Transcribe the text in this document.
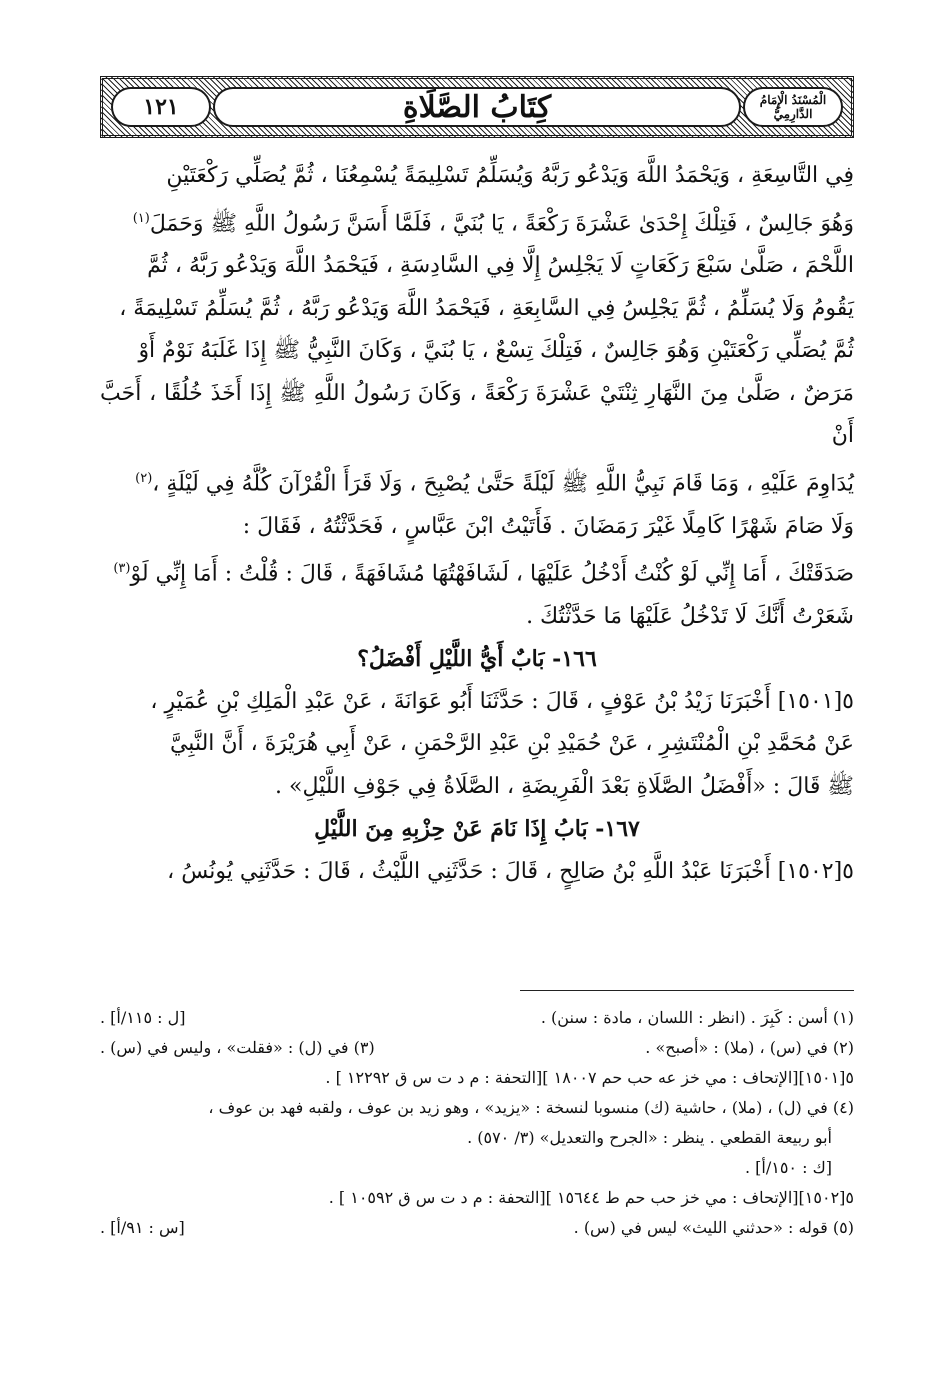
١٢١	كِتَابُ الصَّلَاةِ	الْمُسْنَدُ الْإِمَامُ الدَّارِمِيُّ

فِي التَّاسِعَةِ ، وَيَحْمَدُ اللَّهَ وَيَدْعُو رَبَّهُ وَيُسَلِّمُ تَسْلِيمَةً يُسْمِعُنَا ، ثُمَّ يُصَلِّي رَكْعَتَيْنِ

وَهُوَ جَالِسٌ ، فَتِلْكَ إِحْدَىٰ عَشْرَةَ رَكْعَةً ، يَا بُنَيَّ ، فَلَمَّا أَسَنَّ رَسُولُ اللَّهِ ﷺ وَحَمَلَ$^{(١)}$

اللَّحْمَ ، صَلَّىٰ سَبْعَ رَكَعَاتٍ لَا يَجْلِسُ إِلَّا فِي السَّادِسَةِ ، فَيَحْمَدُ اللَّهَ وَيَدْعُو رَبَّهُ ، ثُمَّ

يَقُومُ وَلَا يُسَلِّمُ ، ثُمَّ يَجْلِسُ فِي السَّابِعَةِ ، فَيَحْمَدُ اللَّهَ وَيَدْعُو رَبَّهُ ، ثُمَّ يُسَلِّمُ تَسْلِيمَةً ،

ثُمَّ يُصَلِّي رَكْعَتَيْنِ وَهُوَ جَالِسٌ ، فَتِلْكَ تِسْعٌ ، يَا بُنَيَّ ، وَكَانَ النَّبِيُّ ﷺ إِذَا غَلَبَهُ نَوْمٌ أَوْ

مَرَضٌ ، صَلَّىٰ مِنَ النَّهَارِ ثِنْتَيْ عَشْرَةَ رَكْعَةً ، وَكَانَ رَسُولُ اللَّهِ ﷺ إِذَا أَخَذَ خُلُقًا ، أَحَبَّ أَنْ

يُدَاوِمَ عَلَيْهِ ، وَمَا قَامَ نَبِيُّ اللَّهِ ﷺ لَيْلَةً حَتَّىٰ يُصْبِحَ ، وَلَا قَرَأَ الْقُرْآنَ كُلَّهُ فِي لَيْلَةٍ ،$^{(٢)}$

وَلَا صَامَ شَهْرًا كَامِلًا غَيْرَ رَمَضَانَ . فَأَتَيْتُ ابْنَ عَبَّاسٍ ، فَحَدَّثْتُهُ ، فَقَالَ :

صَدَقَتْكَ ، أَمَا إِنِّي لَوْ كُنْتُ أَدْخُلُ عَلَيْهَا ، لَشَافَهْتُهَا مُشَافَهَةً ، قَالَ : قُلْتُ : أَمَا إِنِّي لَوْ$^{(٣)}$

شَعَرْتُ أَنَّكَ لَا تَدْخُلُ عَلَيْهَا مَا حَدَّثْتُكَ .

١٦٦- بَابٌ أَيُّ اللَّيْلِ أَفْضَلُ؟

٥[١٥٠١] أَخْبَرَنَا زَيْدُ بْنُ عَوْفٍ ، قَالَ : حَدَّثَنَا أَبُو عَوَانَةَ ، عَنْ عَبْدِ الْمَلِكِ بْنِ عُمَيْرٍ ،

عَنْ مُحَمَّدِ بْنِ الْمُنْتَشِرِ ، عَنْ حُمَيْدِ بْنِ عَبْدِ الرَّحْمَنِ ، عَنْ أَبِي هُرَيْرَةَ ، أَنَّ النَّبِيَّ

ﷺ قَالَ : «أَفْضَلُ الصَّلَاةِ بَعْدَ الْفَرِيضَةِ ، الصَّلَاةُ فِي جَوْفِ اللَّيْلِ» .

١٦٧- بَابُ إِذَا نَامَ عَنْ حِزْبِهِ مِنَ اللَّيْلِ

٥[١٥٠٢] أَخْبَرَنَا عَبْدُ اللَّهِ بْنُ صَالِحٍ ، قَالَ : حَدَّثَنِي اللَّيْثُ ، قَالَ : حَدَّثَنِي يُونُسُ ،

(١) أسن : كَبِرَ . (انظر : اللسان ، مادة : سنن) .
[ل : ١١٥/أ] .
(٢) في (س) ، (ملا) : «أصبح» .
(٣) في (ل) : «فقلت» ، وليس في (س) .
٥[١٥٠١][الإتحاف : مي خز عه حب حم ١٨٠٠٧ ][التحفة : م د ت س ق ١٢٢٩٢ ] .
(٤) في (ل) ، (ملا) ، حاشية (ك) منسوبا لنسخة : «يزيد» ، وهو زيد بن عوف ، ولقبه فهد بن عوف ،
أبو ربيعة القطعي . ينظر : «الجرح والتعديل» (٣/ ٥٧٠) .
[ك : ١٥٠/أ] .
٥[١٥٠٢][الإتحاف : مي خز حب حم ط ١٥٦٤٤ ][التحفة : م د ت س ق ١٠٥٩٢ ] .
(٥) قوله : «حدثني الليث» ليس في (س) .
[س : ٩١/أ] .
